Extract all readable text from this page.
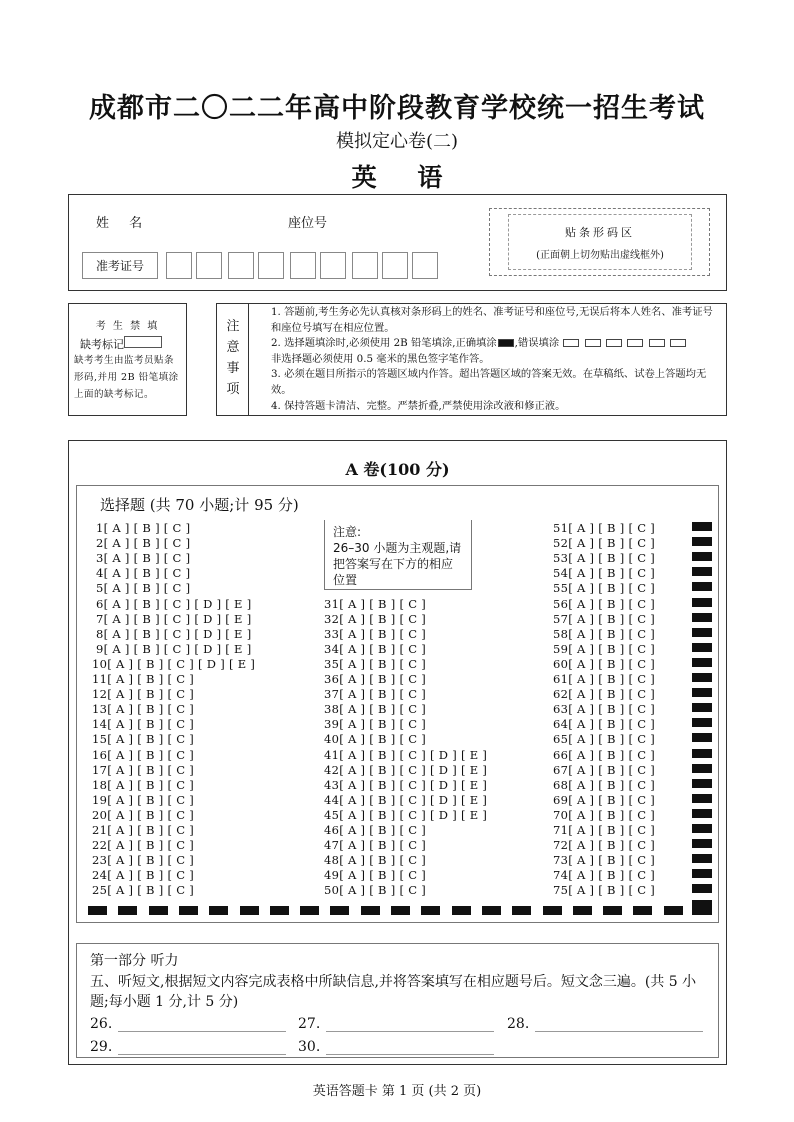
成都市二〇二二年高中阶段教育学校统一招生考试
模拟定心卷(二)
英 语
姓 名	座位号
准考证号
贴条形码区
(正面朝上切勿贴出虚线框外)
考 生 禁 填
缺考标记
缺考考生由监考员贴条形码,并用 2B 铅笔填涂上面的缺考标记。
注意事项
1. 答题前,考生务必先认真核对条形码上的姓名、准考证号和座位号,无误后将本人姓名、准考证号和座位号填写在相应位置。
2. 选择题填涂时,必须使用 2B 铅笔填涂,正确填涂 ,错误填涂
非选择题必须使用 0.5 毫米的黑色签字笔作答。
3. 必须在题目所指示的答题区域内作答。超出答题区域的答案无效。在草稿纸、试卷上答题均无效。
4. 保持答题卡清洁、完整。严禁折叠,严禁使用涂改液和修正液。
A 卷(100 分)
选择题 (共 70 小题;计 95 分)
注意:
26–30 小题为主观题,请把答案写在下方的相应位置
1[ A ] [ B ] [ C ]
2[ A ] [ B ] [ C ]
3[ A ] [ B ] [ C ]
4[ A ] [ B ] [ C ]
5[ A ] [ B ] [ C ]
6[ A ] [ B ] [ C ] [ D ] [ E ]
7[ A ] [ B ] [ C ] [ D ] [ E ]
8[ A ] [ B ] [ C ] [ D ] [ E ]
9[ A ] [ B ] [ C ] [ D ] [ E ]
10[ A ] [ B ] [ C ] [ D ] [ E ]
11[ A ] [ B ] [ C ]
12[ A ] [ B ] [ C ]
13[ A ] [ B ] [ C ]
14[ A ] [ B ] [ C ]
15[ A ] [ B ] [ C ]
16[ A ] [ B ] [ C ]
17[ A ] [ B ] [ C ]
18[ A ] [ B ] [ C ]
19[ A ] [ B ] [ C ]
20[ A ] [ B ] [ C ]
21[ A ] [ B ] [ C ]
22[ A ] [ B ] [ C ]
23[ A ] [ B ] [ C ]
24[ A ] [ B ] [ C ]
25[ A ] [ B ] [ C ]
31[ A ] [ B ] [ C ]
32[ A ] [ B ] [ C ]
33[ A ] [ B ] [ C ]
34[ A ] [ B ] [ C ]
35[ A ] [ B ] [ C ]
36[ A ] [ B ] [ C ]
37[ A ] [ B ] [ C ]
38[ A ] [ B ] [ C ]
39[ A ] [ B ] [ C ]
40[ A ] [ B ] [ C ]
41[ A ] [ B ] [ C ] [ D ] [ E ]
42[ A ] [ B ] [ C ] [ D ] [ E ]
43[ A ] [ B ] [ C ] [ D ] [ E ]
44[ A ] [ B ] [ C ] [ D ] [ E ]
45[ A ] [ B ] [ C ] [ D ] [ E ]
46[ A ] [ B ] [ C ]
47[ A ] [ B ] [ C ]
48[ A ] [ B ] [ C ]
49[ A ] [ B ] [ C ]
50[ A ] [ B ] [ C ]
51[ A ] [ B ] [ C ]
52[ A ] [ B ] [ C ]
53[ A ] [ B ] [ C ]
54[ A ] [ B ] [ C ]
55[ A ] [ B ] [ C ]
56[ A ] [ B ] [ C ]
57[ A ] [ B ] [ C ]
58[ A ] [ B ] [ C ]
59[ A ] [ B ] [ C ]
60[ A ] [ B ] [ C ]
61[ A ] [ B ] [ C ]
62[ A ] [ B ] [ C ]
63[ A ] [ B ] [ C ]
64[ A ] [ B ] [ C ]
65[ A ] [ B ] [ C ]
66[ A ] [ B ] [ C ]
67[ A ] [ B ] [ C ]
68[ A ] [ B ] [ C ]
69[ A ] [ B ] [ C ]
70[ A ] [ B ] [ C ]
71[ A ] [ B ] [ C ]
72[ A ] [ B ] [ C ]
73[ A ] [ B ] [ C ]
74[ A ] [ B ] [ C ]
75[ A ] [ B ] [ C ]
第一部分 听力
五、听短文,根据短文内容完成表格中所缺信息,并将答案填写在相应题号后。短文念三遍。(共 5 小题;每小题 1 分,计 5 分)
26.	27.	28.
29.	30.
英语答题卡 第 1 页 (共 2 页)
